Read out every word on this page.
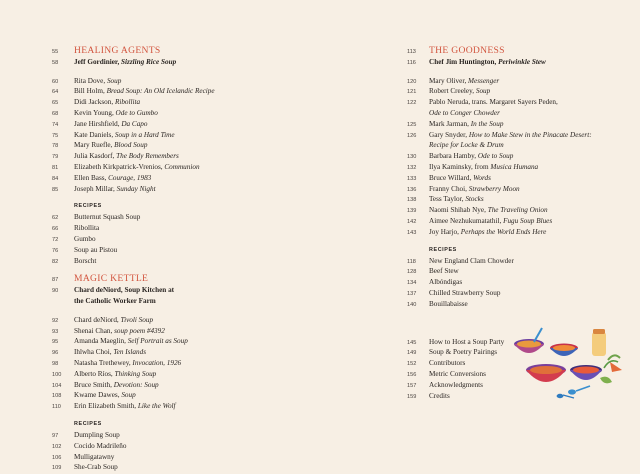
55	HEALING AGENTS
58	Jeff Gordinier, Sizzling Rice Soup
60	Rita Dove, Soup
64	Bill Holm, Bread Soup: An Old Icelandic Recipe
65	Didi Jackson, Ribollita
68	Kevin Young, Ode to Gumbo
74	Jane Hirshfield, Da Capo
75	Kate Daniels, Soup in a Hard Time
78	Mary Ruefle, Blood Soup
79	Julia Kasdorf, The Body Remembers
81	Elizabeth Kirkpatrick-Vrenios, Communion
84	Ellen Bass, Courage, 1983
85	Joseph Millar, Sunday Night
RECIPES
62	Butternut Squash Soup
66	Ribollita
72	Gumbo
76	Soup au Pistou
82	Borscht
87	MAGIC KETTLE
90	Chard deNiord, Soup Kitchen at
the Catholic Worker Farm
92	Chard deNiord, Tivoli Soup
93	Shenai Chan, soup poem #4392
95	Amanda Maeglin, Self Portrait as Soup
96	Ihlwha Choi, Ten Islands
98	Natasha Trethewey, Invocation, 1926
100	Alberto Ríos, Thinking Soup
104	Bruce Smith, Devotion: Soup
108	Kwame Dawes, Soup
110	Erin Elizabeth Smith, Like the Wolf
RECIPES
97	Dumpling Soup
102	Cocido Madrileño
106	Mulligatawny
109	She-Crab Soup
113	THE GOODNESS
116	Chef Jim Huntington, Periwinkle Stew
120	Mary Oliver, Messenger
121	Robert Creeley, Soup
122	Pablo Neruda, trans. Margaret Sayers Peden,
Ode to Conger Chowder
125	Mark Jarman, In the Soup
126	Gary Snyder, How to Make Stew in the Pinacate Desert:
Recipe for Locke & Drum
130	Barbara Hamby, Ode to Soup
132	Ilya Kaminsky, from Musica Humana
133	Bruce Willard, Words
136	Franny Choi, Strawberry Moon
138	Tess Taylor, Stocks
139	Naomi Shihab Nye, The Traveling Onion
142	Aimee Nezhukumatathil, Fugu Soup Blues
143	Joy Harjo, Perhaps the World Ends Here
RECIPES
118	New England Clam Chowder
128	Beef Stew
134	Albóndigas
137	Chilled Strawberry Soup
140	Bouillabaisse
145	How to Host a Soup Party
149	Soup & Poetry Pairings
152	Contributors
156	Metric Conversions
157	Acknowledgments
159	Credits
